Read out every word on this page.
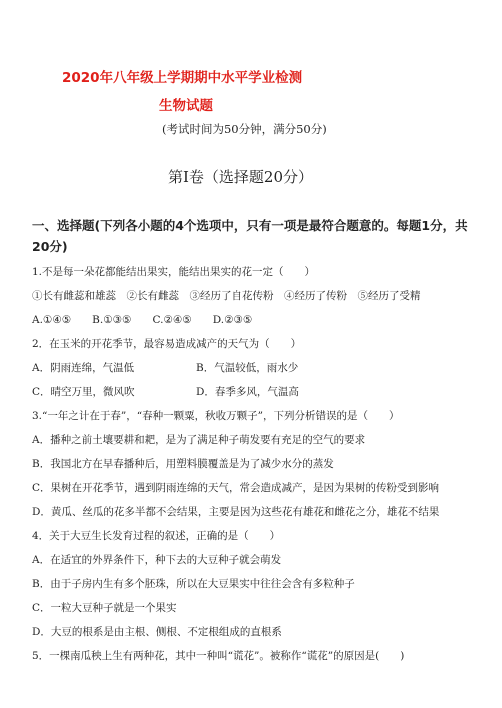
2020年八年级上学期期中水平学业检测
生物试题
(考试时间为50分钟，满分50分)
第Ⅰ卷（选择题20分）
一、选择题(下列各小题的4个选项中，只有一项是最符合题意的。每题1分，共20分)
1.不是每一朵花都能结出果实，能结出果实的花一定（　　）
①长有雌蕊和雄蕊　②长有雌蕊　③经历了自花传粉　④经历了传粉　⑤经历了受精
A.①④⑤　　B.①③⑤　　C.②④⑤　　D.②③⑤
2．在玉米的开花季节，最容易造成减产的天气为（　　）
A．阴雨连绵，气温低	B．气温较低，雨水少
C．晴空万里，微风吹	D．春季多风，气温高
3.“一年之计在于春”，“春种一颗粟，秋收万颗子”，下列分析错误的是（　　）
A．播种之前土壤要耕和耙，是为了满足种子萌发要有充足的空气的要求
B．我国北方在早春播种后，用塑料膜覆盖是为了减少水分的蒸发
C．果树在开花季节，遇到阴雨连绵的天气，常会造成减产，是因为果树的传粉受到影响
D．黄瓜、丝瓜的花多半都不会结果，主要是因为这些花有雄花和雌花之分，雄花不结果
4．关于大豆生长发育过程的叙述，正确的是（　　）
A．在适宜的外界条件下，种下去的大豆种子就会萌发
B．由于子房内生有多个胚珠，所以在大豆果实中往往会含有多粒种子
C．一粒大豆种子就是一个果实
D．大豆的根系是由主根、侧根、不定根组成的直根系
5．一棵南瓜秧上生有两种花，其中一种叫“谎花”。被称作“谎花”的原因是(　　)
